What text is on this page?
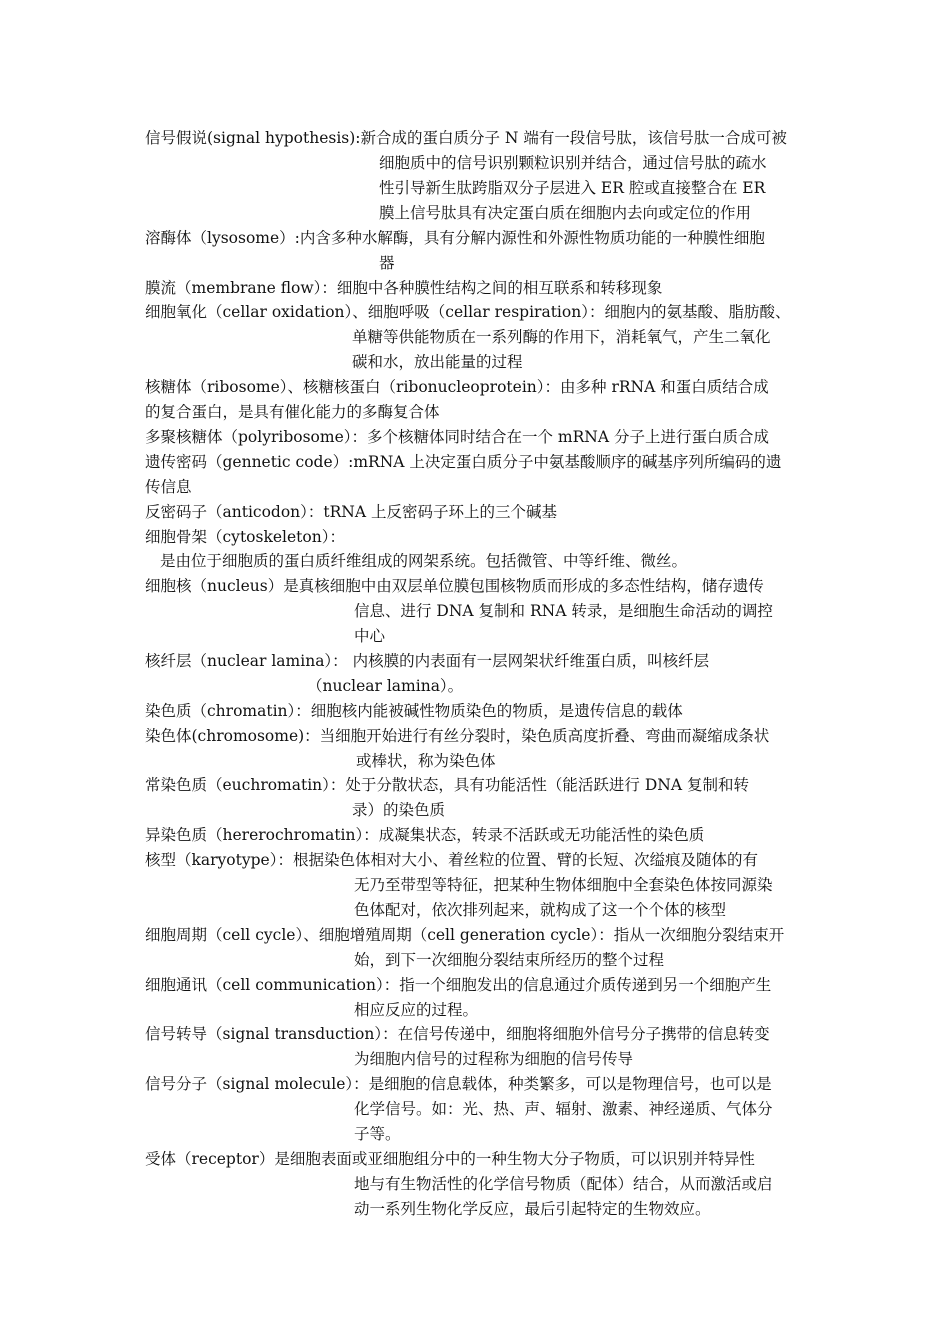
信号假说(signal hypothesis):新合成的蛋白质分子 N 端有一段信号肽，该信号肽一合成可被
细胞质中的信号识别颗粒识别并结合，通过信号肽的疏水
性引导新生肽跨脂双分子层进入 ER 腔或直接整合在 ER
膜上信号肽具有决定蛋白质在细胞内去向或定位的作用
溶酶体（lysosome）:内含多种水解酶，具有分解内源性和外源性物质功能的一种膜性细胞
器
膜流（membrane flow）：细胞中各种膜性结构之间的相互联系和转移现象
细胞氧化（cellar oxidation）、细胞呼吸（cellar respiration）：细胞内的氨基酸、脂肪酸、
单糖等供能物质在一系列酶的作用下，消耗氧气，产生二氧化
碳和水，放出能量的过程
核糖体（ribosome）、核糖核蛋白（ribonucleoprotein）：由多种 rRNA 和蛋白质结合成
的复合蛋白，是具有催化能力的多酶复合体
多聚核糖体（polyribosome）：多个核糖体同时结合在一个 mRNA 分子上进行蛋白质合成
遗传密码（gennetic code）:mRNA 上决定蛋白质分子中氨基酸顺序的碱基序列所编码的遗
传信息
反密码子（anticodon）：tRNA 上反密码子环上的三个碱基
细胞骨架（cytoskeleton）：
是由位于细胞质的蛋白质纤维组成的网架系统。包括微管、中等纤维、微丝。
细胞核（nucleus）是真核细胞中由双层单位膜包围核物质而形成的多态性结构，储存遗传
信息、进行 DNA 复制和 RNA 转录，是细胞生命活动的调控
中心
核纤层（nuclear lamina）： 内核膜的内表面有一层网架状纤维蛋白质，叫核纤层
（nuclear lamina）。
染色质（chromatin）：细胞核内能被碱性物质染色的物质，是遗传信息的载体
染色体(chromosome)：当细胞开始进行有丝分裂时，染色质高度折叠、弯曲而凝缩成条状
或棒状，称为染色体
常染色质（euchromatin）：处于分散状态，具有功能活性（能活跃进行 DNA 复制和转
录）的染色质
异染色质（hererochromatin）：成凝集状态，转录不活跃或无功能活性的染色质
核型（karyotype）：根据染色体相对大小、着丝粒的位置、臂的长短、次缢痕及随体的有
无乃至带型等特征，把某种生物体细胞中全套染色体按同源染
色体配对，依次排列起来，就构成了这一个个体的核型
细胞周期（cell cycle）、细胞增殖周期（cell generation cycle）：指从一次细胞分裂结束开
始，到下一次细胞分裂结束所经历的整个过程
细胞通讯（cell communication）：指一个细胞发出的信息通过介质传递到另一个细胞产生
相应反应的过程。
信号转导（signal transduction）：在信号传递中，细胞将细胞外信号分子携带的信息转变
为细胞内信号的过程称为细胞的信号传导
信号分子（signal molecule）：是细胞的信息载体，种类繁多，可以是物理信号，也可以是
化学信号。如：光、热、声、辐射、激素、神经递质、气体分
子等。
受体（receptor）是细胞表面或亚细胞组分中的一种生物大分子物质，可以识别并特异性
地与有生物活性的化学信号物质（配体）结合，从而激活或启
动一系列生物化学反应，最后引起特定的生物效应。
